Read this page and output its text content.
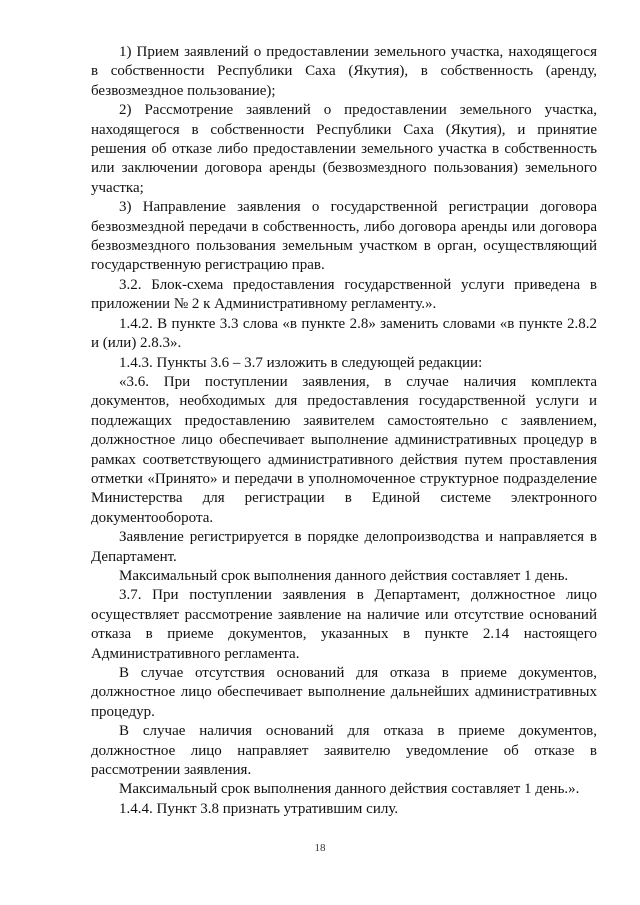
1) Прием заявлений о предоставлении земельного участка, находящегося в собственности Республики Саха (Якутия), в собственность (аренду, безвозмездное пользование);

2) Рассмотрение заявлений о предоставлении земельного участка, находящегося в собственности Республики Саха (Якутия), и принятие решения об отказе либо предоставлении земельного участка в собственность или заключении договора аренды (безвозмездного пользования) земельного участка;

3) Направление заявления о государственной регистрации договора безвозмездной передачи в собственность, либо договора аренды или договора безвозмездного пользования земельным участком в орган, осуществляющий государственную регистрацию прав.

3.2. Блок-схема предоставления государственной услуги приведена в приложении № 2 к Административному регламенту.».

1.4.2. В пункте 3.3 слова «в пункте 2.8» заменить словами «в пункте 2.8.2 и (или) 2.8.3».

1.4.3. Пункты 3.6 – 3.7 изложить в следующей редакции:

«3.6. При поступлении заявления, в случае наличия комплекта документов, необходимых для предоставления государственной услуги и подлежащих предоставлению заявителем самостоятельно с заявлением, должностное лицо обеспечивает выполнение административных процедур в рамках соответствующего административного действия путем проставления отметки «Принято» и передачи в уполномоченное структурное подразделение Министерства для регистрации в Единой системе электронного документооборота.

Заявление регистрируется в порядке делопроизводства и направляется в Департамент.

Максимальный срок выполнения данного действия составляет 1 день.

3.7. При поступлении заявления в Департамент, должностное лицо осуществляет рассмотрение заявление на наличие или отсутствие оснований отказа в приеме документов, указанных в пункте 2.14 настоящего Административного регламента.

В случае отсутствия оснований для отказа в приеме документов, должностное лицо обеспечивает выполнение дальнейших административных процедур.

В случае наличия оснований для отказа в приеме документов, должностное лицо направляет заявителю уведомление об отказе в рассмотрении заявления.

Максимальный срок выполнения данного действия составляет 1 день.».

1.4.4. Пункт 3.8 признать утратившим силу.

18
